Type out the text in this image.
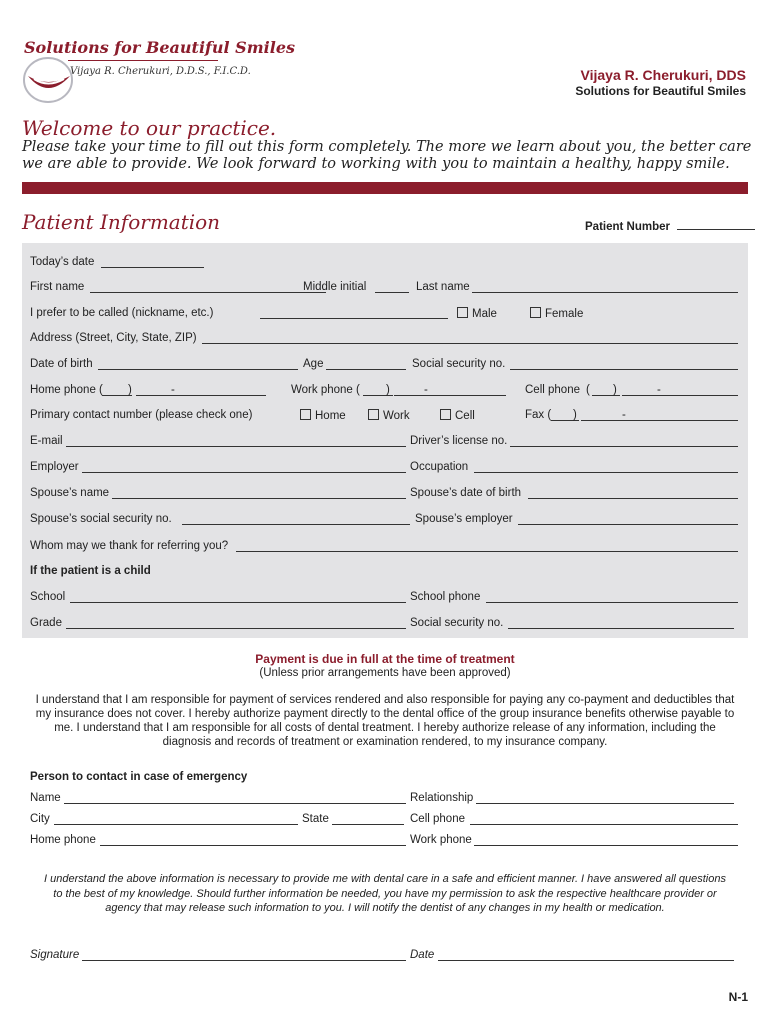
Solutions for Beautiful Smiles
Vijaya R. Cherukuri, D.D.S., F.I.C.D.	Vijaya R. Cherukuri, DDS
Solutions for Beautiful Smiles
Welcome to our practice.
Please take your time to fill out this form completely. The more we learn about you, the better care we are able to provide. We look forward to working with you to maintain a healthy, happy smile.
Patient Information	Patient Number
Today’s date
First name	Middle initial	Last name
I prefer to be called (nickname, etc.)	Male	Female
Address (Street, City, State, ZIP)
Date of birth	Age	Social security no.
Home phone ( )	-	Work phone ( )	-	Cell phone ( )	-
Primary contact number (please check one)	Home	Work	Cell	Fax ( )	-
E-mail	Driver’s license no.
Employer	Occupation
Spouse’s name	Spouse’s date of birth
Spouse’s social security no.	Spouse’s employer
Whom may we thank for referring you?
If the patient is a child
School	School phone
Grade	Social security no.
Payment is due in full at the time of treatment
(Unless prior arrangements have been approved)
I understand that I am responsible for payment of services rendered and also responsible for paying any co-payment and deductibles that my insurance does not cover. I hereby authorize payment directly to the dental office of the group insurance benefits otherwise payable to me. I understand that I am responsible for all costs of dental treatment. I hereby authorize release of any information, including the diagnosis and records of treatment or examination rendered, to my insurance company.
Person to contact in case of emergency
Name	Relationship
City	State	Cell phone
Home phone	Work phone
I understand the above information is necessary to provide me with dental care in a safe and efficient manner. I have answered all questions to the best of my knowledge. Should further information be needed, you have my permission to ask the respective healthcare provider or agency that may release such information to you. I will notify the dentist of any changes in my health or medication.
Signature	Date
N-1
